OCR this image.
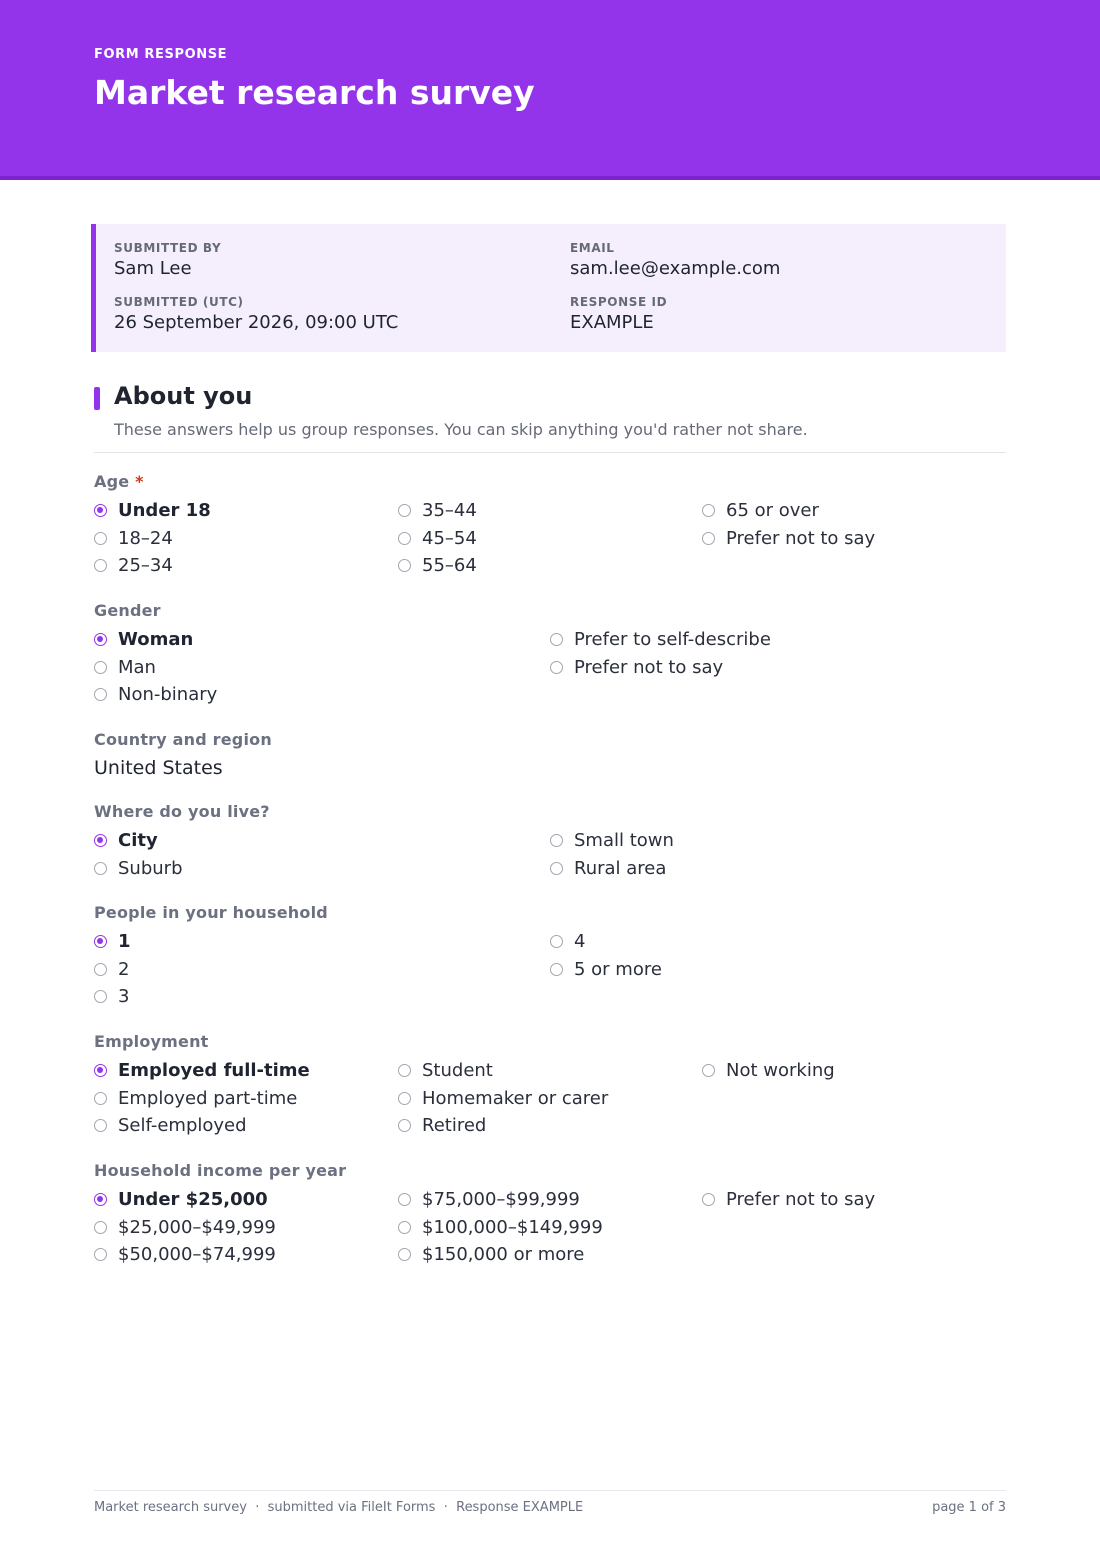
FORM RESPONSE
Market research survey
SUBMITTED BY
Sam Lee
EMAIL
sam.lee@example.com
SUBMITTED (UTC)
26 September 2026, 09:00 UTC
RESPONSE ID
EXAMPLE
About you
These answers help us group responses. You can skip anything you'd rather not share.
Age *
Under 18
18–24
25–34
35–44
45–54
55–64
65 or over
Prefer not to say
Gender
Woman
Man
Non-binary
Prefer to self-describe
Prefer not to say
Country and region
United States
Where do you live?
City
Suburb
Small town
Rural area
People in your household
1
2
3
4
5 or more
Employment
Employed full-time
Employed part-time
Self-employed
Student
Homemaker or carer
Retired
Not working
Household income per year
Under $25,000
$25,000–$49,999
$50,000–$74,999
$75,000–$99,999
$100,000–$149,999
$150,000 or more
Prefer not to say
Market research survey  ·  submitted via FileIt Forms  ·  Response EXAMPLE	page 1 of 3
